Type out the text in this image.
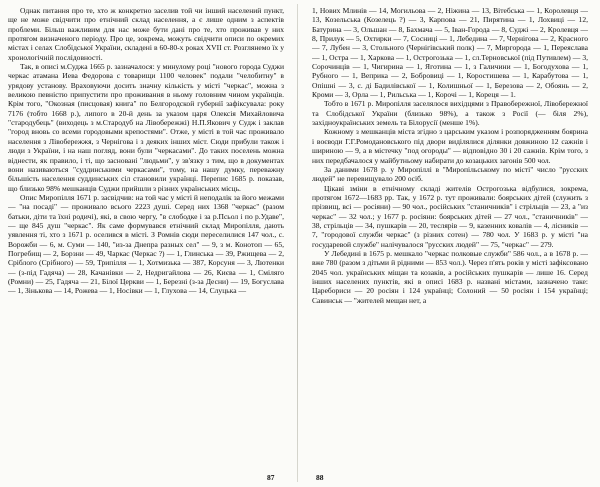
Однак питання про те, хто ж конкретно заселив той чи інший населений пункт, ще не може свідчити про етнічний склад населення, а є лише одним з аспектів проблеми. Більш важливим для нас може бути дані про те, хто проживав у них протягом визначеного періоду. Про це, зокрема, можуть свідчити описи по окремих містах і селах Слобідської України, складені в 60-80-х роках XVII ст. Розглянемо їх у хронологічній послідовності.

Так, в описі м.Суджа 1665 р. зазначалося: у минулому році "нового города Суджи черкас атамана Иева Федорова с товарищи 1100 человек" подали "челобитну" в урядову установу. Враховуючи досить значну кількість у місті "черкас", можна з великою певністю припустити про проживання в ньому головним чином українців. Крім того, "Окозная (писцовая) книга" по Белгородской губернії зафіксувала: року 7176 (тобто 1668 р.), липого в 20-й день за указом царя Олексія Михайловича "стародубець" (виходець з м.Стародуб на Лівобережжі) Н.П.Якович у Судж і заклав "город вновь со всеми городовыми крепостями". Отже, у місті в той час проживало населення з Лівобережжя, з Чернігова і з деяких інших міст. Сюди прибули також і люди з України, і на наш погляд, вони були "черкасами". До таких поселень можна віднести, як правило, і ті, що засновані "людьми", у зв'язку з тим, що в документах вони називаються "суддинськими черкасами", тому, на нашу думку, переважну більшість населення суддинських сіл становили українці. Перепис 1685 р. показав, що близько 98% мешканців Суджи прийшли з різних українських місць.

Опис Миропілля 1671 р. засвідчив: на той час у місті й неподалік за його межами — "на посаді" — проживало всього 2223 душі. Серед них 1368 "черкас" (разом батьки, діти та їхні родичі), які, в свою чергу, "в слободке і за р.Псьол і по р.Удаве", — ще 845 душ "черкас". Як саме формувався етнічний склад Миропілля, дають уявлення ті, хто з 1671 р. оселився в місті. З Ромнів сюди переселилися 147 чол., с. Ворожби — 6, м. Суми — 140, "из-за Днепра разных сел" — 9, з м. Конотоп — 65, Погребищ — 2, Борзни — 49, Чаркас (Черкас ?) — 1, Глинська — 39, Ржищева — 2, Сріблого (Срібного) — 59, Трипілля — 1, Хотмизька — 387, Корсуня — 3, Лютенки — (з-під Гадяча) — 28, Качанівки — 2, Недригайлова — 26, Києва — 1, Сміляго (Ромни) — 25, Гадяча — 21, Білої Церкви — 1, Березні (з-за Десни) — 19, Богуслава — 1, Зінькова — 14, Рожева — 1, Носівки — 1, Глухова — 14, Слуцька —

87

1, Нових Млинів — 14, Могильова — 2, Ніжина — 13, Вітебська — 1, Королевця — 13, Козельська (Козелець ?) — 3, Карпова — 21, Пирятина — 1, Лохвиці — 12, Батурина — 3, Ольшан — 8, Бахмача — 5, Іван-Города — 8, Суджі — 2, Кролевця — 8, Прилук — 5, Охтирки — 7, Сосниці — 1, Лебедина — 7, Чернігова — 2, Красного — 7, Лубен — 3, Стольного (Чернігівський полк) — 7, Миргорода — 1, Переяслава — 1, Остра — 1, Харкова — 1, Острогозька — 1, сл.Терновської (під Путивлем) — 3, Сорочинців — 1, Чигирина — 1, Яготина — 1, з Галичини — 1, Богодухова — 1, Рубного — 1, Веприка — 2, Бобровиці — 1, Коростишева — 1, Карабутова — 1, Опішні — 3, с. ді Бадилівської — 1, Колишньої — 1, Березова — 2, Обоянь — 2, Кроми — 3, Орла — 1, Рильська — 1, Корочі — 1, Кореця — 1.

Тобто в 1671 р. Миропілля заселялося вихідцями з Правобережної, Лівобережної та Слобідської України (близько 98%), а також з Росії (— біля 2%), західноукраїнських земель та Білорусії (менше 1%).

Кожному з мешканців міста згідно з царським указом і розпорядженням боярина і воєводи Г.Г.Ромодановського під двори виділялися ділянки довжиною 12 сажнів і шириною — 9, а в містечку "под огороды" — відповідно 30 і 20 сажнів. Крім того, з них передбачалося у майбутньому набирати до козацьких загонів 500 чол.

За даними 1678 р. у Миропіллі в "Миропільському по місті" число "русских людей" не перевищувало 200 осіб.

Цікаві зміни в етнічному складі жителів Острогозька відбулися, зокрема, протягом 1672—1683 рр. Так, у 1672 р. тут проживали: боярських дітей (служить з прізвищ, всі — росіяни) — 90 чол., російських "станичників" і стрільців — 23, а "из черкас" — 32 чол.; у 1677 р. росіяни: боярських дітей — 27 чол., "станичників" — 38, стрільців — 34, пушкарів — 20, теслярів — 9, казенних ковалів — 4, лісників — 7, "городової служби черкас" (з різних сотен) — 780 чол. У 1683 р. у місті "на государевой службе" налічувалося "русских людей" — 75, "черкас" — 279.

У Лебедині в 1675 р. мешкало "черкас полковые служби" 586 чол., а в 1678 р. — вже 780 (разом з дітьми й рідними — 853 чол.). Через п'ять років у місті зафіксовано 2045 чол. українських міщан та козаків, а російських пушкарів — лише 16. Серед інших населених пунктів, які в описі 1683 р. названі містами, зазначено таке: Царебориси — 20 росіян і 124 українці; Солоний — 50 росіян і 154 українці; Савинськ — "жителей мещан нет, а

88
